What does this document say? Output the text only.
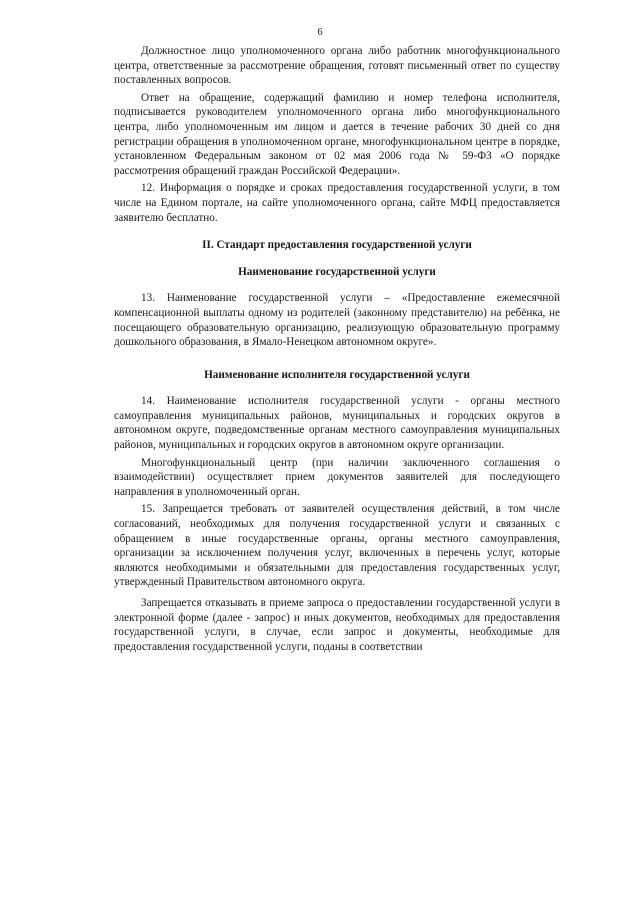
6

Должностное лицо уполномоченного органа либо работник многофункционального центра, ответственные за рассмотрение обращения, готовят письменный ответ по существу поставленных вопросов.

Ответ на обращение, содержащий фамилию и номер телефона исполнителя, подписывается руководителем уполномоченного органа либо многофункционального центра, либо уполномоченным им лицом и дается в течение рабочих 30 дней со дня регистрации обращения в уполномоченном органе, многофункциональном центре в порядке, установленном Федеральным законом от 02 мая 2006 года № 59-ФЗ «О порядке рассмотрения обращений граждан Российской Федерации».

12. Информация о порядке и сроках предоставления государственной услуги, в том числе на Едином портале, на сайте уполномоченного органа, сайте МФЦ предоставляется заявителю бесплатно.

II. Стандарт предоставления государственной услуги

Наименование государственной услуги

13. Наименование государственной услуги – «Предоставление ежемесячной компенсационной выплаты одному из родителей (законному представителю) на ребёнка, не посещающего образовательную организацию, реализующую образовательную программу дошкольного образования, в Ямало-Ненецком автономном округе».

Наименование исполнителя государственной услуги

14. Наименование исполнителя государственной услуги - органы местного самоуправления муниципальных районов, муниципальных и городских округов в автономном округе, подведомственные органам местного самоуправления муниципальных районов, муниципальных и городских округов в автономном округе организации.

Многофункциональный центр (при наличии заключенного соглашения о взаимодействии) осуществляет прием документов заявителей для последующего направления в уполномоченный орган.

15. Запрещается требовать от заявителей осуществления действий, в том числе согласований, необходимых для получения государственной услуги и связанных с обращением в иные государственные органы, органы местного самоуправления, организации за исключением получения услуг, включенных в перечень услуг, которые являются необходимыми и обязательными для предоставления государственных услуг, утвержденный Правительством автономного округа.

Запрещается отказывать в приеме запроса о предоставлении государственной услуги в электронной форме (далее - запрос) и иных документов, необходимых для предоставления государственной услуги, в случае, если запрос и документы, необходимые для предоставления государственной услуги, поданы в соответствии
